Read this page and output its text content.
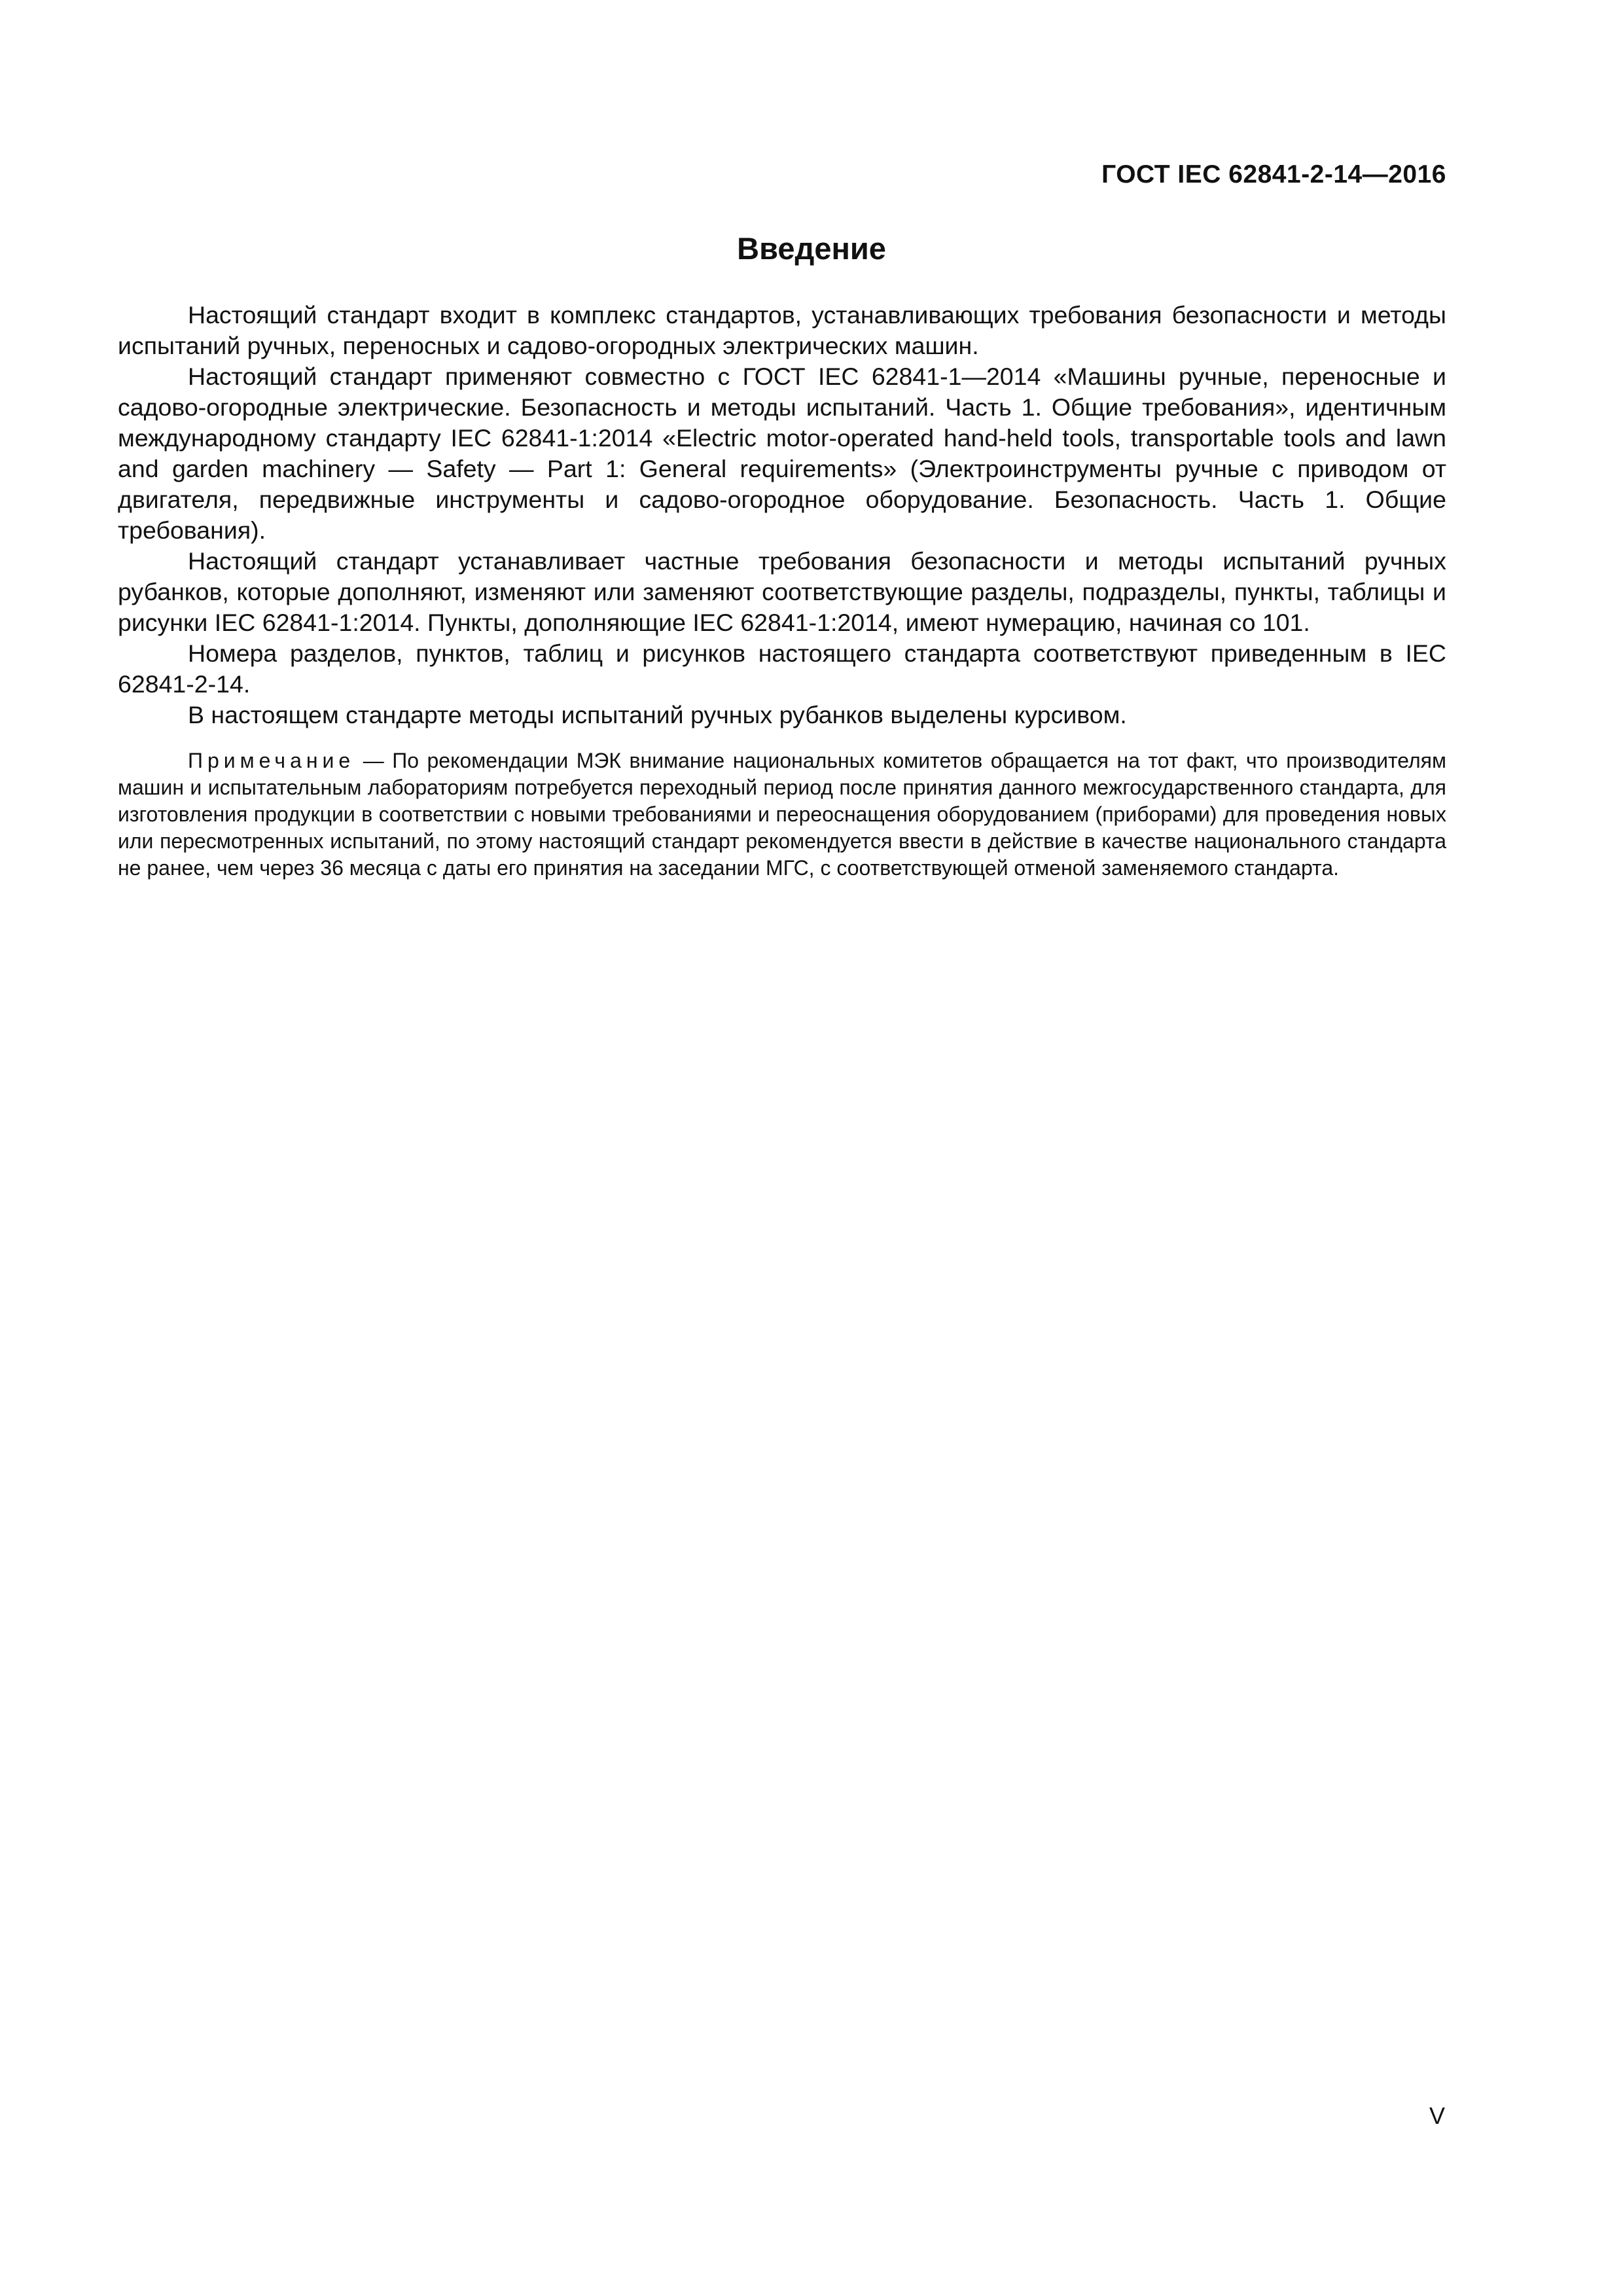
ГОСТ IEC 62841-2-14—2016
Введение

Настоящий стандарт входит в комплекс стандартов, устанавливающих требования безопасности и методы испытаний ручных, переносных и садово-огородных электрических машин.

Настоящий стандарт применяют совместно с ГОСТ IEC 62841-1—2014 «Машины ручные, переносные и садово-огородные электрические. Безопасность и методы испытаний. Часть 1. Общие требования», идентичным международному стандарту IEC 62841-1:2014 «Electric motor-operated hand-held tools, transportable tools and lawn and garden machinery — Safety — Part 1: General requirements» (Электроинструменты ручные с приводом от двигателя, передвижные инструменты и садово-огородное оборудование. Безопасность. Часть 1. Общие требования).

Настоящий стандарт устанавливает частные требования безопасности и методы испытаний ручных рубанков, которые дополняют, изменяют или заменяют соответствующие разделы, подразделы, пункты, таблицы и рисунки IEC 62841-1:2014. Пункты, дополняющие IEC 62841-1:2014, имеют нумерацию, начиная со 101.

Номера разделов, пунктов, таблиц и рисунков настоящего стандарта соответствуют приведенным в IEC 62841-2-14.

В настоящем стандарте методы испытаний ручных рубанков выделены курсивом.

Примечание — По рекомендации МЭК внимание национальных комитетов обращается на тот факт, что производителям машин и испытательным лабораториям потребуется переходный период после принятия данного межгосударственного стандарта, для изготовления продукции в соответствии с новыми требованиями и переоснащения оборудованием (приборами) для проведения новых или пересмотренных испытаний, по этому настоящий стандарт рекомендуется ввести в действие в качестве национального стандарта не ранее, чем через 36 месяца с даты его принятия на заседании МГС, с соответствующей отменой заменяемого стандарта.

V
